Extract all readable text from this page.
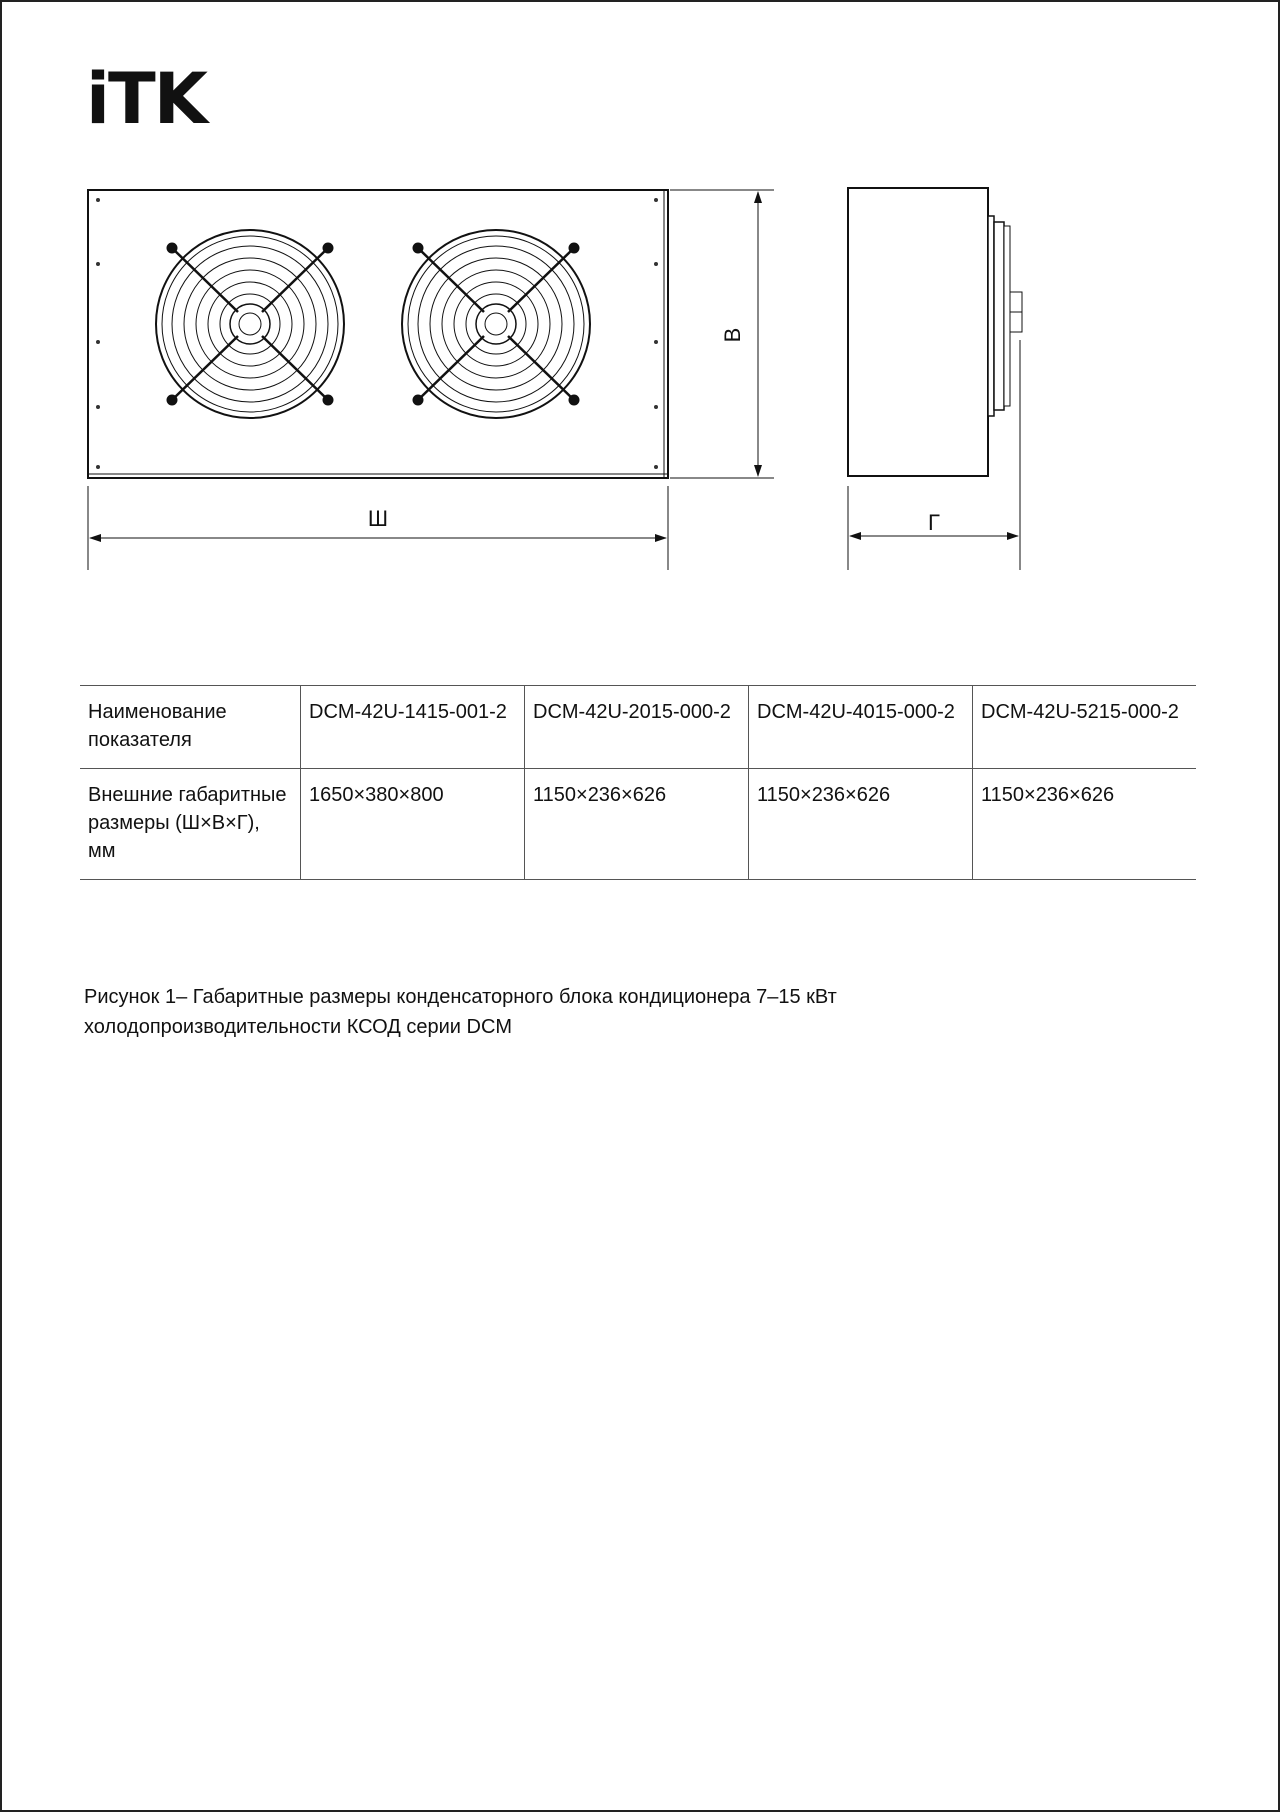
iTK
В
Ш	Г
Наименование показателя	DCM-42U-1415-001-2	DCM-42U-2015-000-2	DCM-42U-4015-000-2	DCM-42U-5215-000-2
Внешние габаритные размеры (Ш×В×Г), мм	1650×380×800	1150×236×626	1150×236×626	1150×236×626
Рисунок 1– Габаритные размеры конденсаторного блока кондиционера 7–15 кВт
холодопроизводительности КСОД серии DCM
